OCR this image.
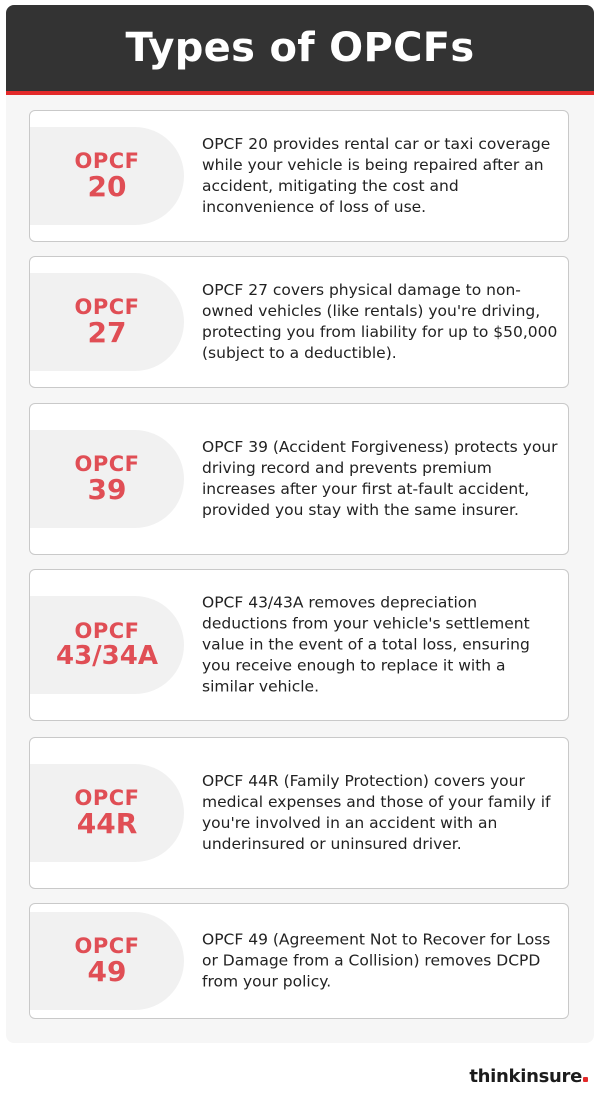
Types of OPCFs
OPCF
20

OPCF 20 provides rental car or taxi coverage while your vehicle is being repaired after an accident, mitigating the cost and inconvenience of loss of use.

OPCF
27

OPCF 27 covers physical damage to non-owned vehicles (like rentals) you're driving, protecting you from liability for up to $50,000 (subject to a deductible).

OPCF
39

OPCF 39 (Accident Forgiveness) protects your driving record and prevents premium increases after your first at-fault accident, provided you stay with the same insurer.

OPCF
43/34A

OPCF 43/43A removes depreciation deductions from your vehicle's settlement value in the event of a total loss, ensuring you receive enough to replace it with a similar vehicle.

OPCF
44R

OPCF 44R (Family Protection) covers your medical expenses and those of your family if you're involved in an accident with an underinsured or uninsured driver.

OPCF
49

OPCF 49 (Agreement Not to Recover for Loss or Damage from a Collision) removes DCPD from your policy.

thinkinsure
